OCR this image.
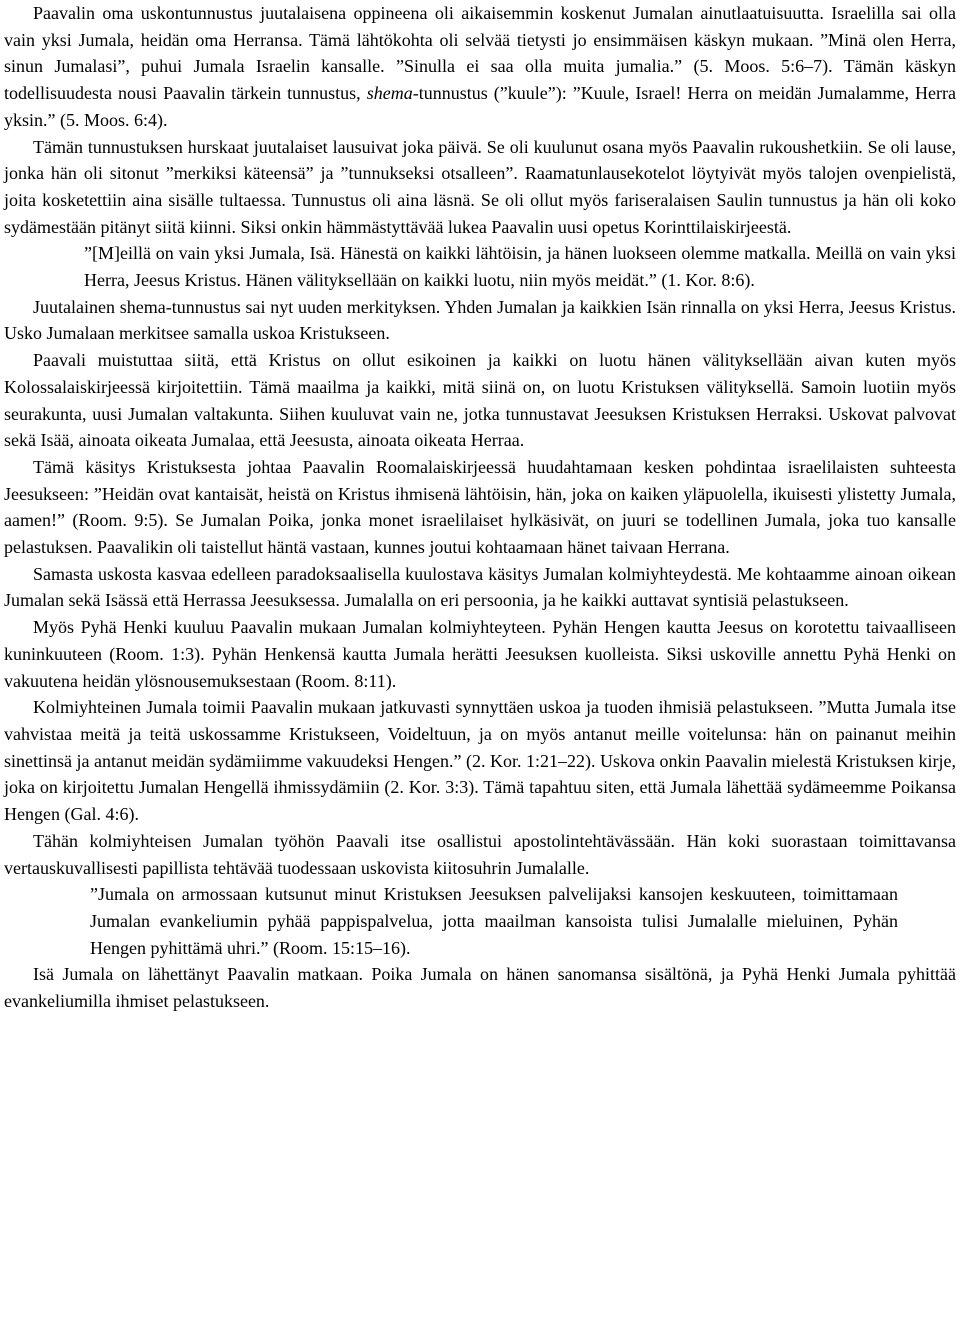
Paavalin oma uskontunnustus juutalaisena oppineena oli aikaisemmin koskenut Jumalan ainutlaatuisuutta. Israelilla sai olla vain yksi Jumala, heidän oma Herransa. Tämä lähtökohta oli selvää tietysti jo ensimmäisen käskyn mukaan. ”Minä olen Herra, sinun Jumalasi”, puhui Jumala Israelin kansalle. ”Sinulla ei saa olla muita jumalia.” (5. Moos. 5:6–7). Tämän käskyn todellisuudesta nousi Paavalin tärkein tunnustus, shema-tunnustus (”kuule”): ”Kuule, Israel! Herra on meidän Jumalamme, Herra yksin.” (5. Moos. 6:4).

Tämän tunnustuksen hurskaat juutalaiset lausuivat joka päivä. Se oli kuulunut osana myös Paavalin rukoushetkiin. Se oli lause, jonka hän oli sitonut ”merkiksi käteensä” ja ”tunnukseksi otsalleen”. Raamatunlausekotelot löytyivät myös talojen ovenpielistä, joita kosketettiin aina sisälle tultaessa. Tunnustus oli aina läsnä. Se oli ollut myös fariseralaisen Saulin tunnustus ja hän oli koko sydämestään pitänyt siitä kiinni. Siksi onkin hämmästyttävää lukea Paavalin uusi opetus Korinttilaiskirjeestä.

”[M]eillä on vain yksi Jumala, Isä. Hänestä on kaikki lähtöisin, ja hänen luokseen olemme matkalla. Meillä on vain yksi Herra, Jeesus Kristus. Hänen välityksellään on kaikki luotu, niin myös meidät.” (1. Kor. 8:6).

Juutalainen shema-tunnustus sai nyt uuden merkityksen. Yhden Jumalan ja kaikkien Isän rinnalla on yksi Herra, Jeesus Kristus. Usko Jumalaan merkitsee samalla uskoa Kristukseen.

Paavali muistuttaa siitä, että Kristus on ollut esikoinen ja kaikki on luotu hänen välityksellään aivan kuten myös Kolossalaiskirjeessä kirjoitettiin. Tämä maailma ja kaikki, mitä siinä on, on luotu Kristuksen välityksellä. Samoin luotiin myös seurakunta, uusi Jumalan valtakunta. Siihen kuuluvat vain ne, jotka tunnustavat Jeesuksen Kristuksen Herraksi. Uskovat palvovat sekä Isää, ainoata oikeata Jumalaa, että Jeesusta, ainoata oikeata Herraa.

Tämä käsitys Kristuksesta johtaa Paavalin Roomalaiskirjeessä huudahtamaan kesken pohdintaa israelilaisten suhteesta Jeesukseen: ”Heidän ovat kantaisät, heistä on Kristus ihmisenä lähtöisin, hän, joka on kaiken yläpuolella, ikuisesti ylistetty Jumala, aamen!” (Room. 9:5). Se Jumalan Poika, jonka monet israelilaiset hylkäsivät, on juuri se todellinen Jumala, joka tuo kansalle pelastuksen. Paavalikin oli taistellut häntä vastaan, kunnes joutui kohtaamaan hänet taivaan Herrana.

Samasta uskosta kasvaa edelleen paradoksaalisella kuulostava käsitys Jumalan kolmiyhteydestä. Me kohtaamme ainoan oikean Jumalan sekä Isässä että Herrassa Jeesuksessa. Jumalalla on eri persoonia, ja he kaikki auttavat syntisiä pelastukseen.

Myös Pyhä Henki kuuluu Paavalin mukaan Jumalan kolmiyhteyteen. Pyhän Hengen kautta Jeesus on korotettu taivaalliseen kuninkuuteen (Room. 1:3). Pyhän Henkensä kautta Jumala herätti Jeesuksen kuolleista. Siksi uskoville annettu Pyhä Henki on vakuutena heidän ylösnousemuksestaan (Room. 8:11).

Kolmiyhteinen Jumala toimii Paavalin mukaan jatkuvasti synnyttäen uskoa ja tuoden ihmisiä pelastukseen. ”Mutta Jumala itse vahvistaa meitä ja teitä uskossamme Kristukseen, Voideltuun, ja on myös antanut meille voitelunsa: hän on painanut meihin sinettinsä ja antanut meidän sydämiimme vakuudeksi Hengen.” (2. Kor. 1:21–22). Uskova onkin Paavalin mielestä Kristuksen kirje, joka on kirjoitettu Jumalan Hengellä ihmissydämiin (2. Kor. 3:3). Tämä tapahtuu siten, että Jumala lähettää sydämeemme Poikansa Hengen (Gal. 4:6).

Tähän kolmiyhteisen Jumalan työhön Paavali itse osallistui apostolintehtävässään. Hän koki suorastaan toimittavansa vertauskuvallisesti papillista tehtävää tuodessaan uskovista kiitosuhrin Jumalalle.

”Jumala on armossaan kutsunut minut Kristuksen Jeesuksen palvelijaksi kansojen keskuuteen, toimittamaan Jumalan evankeliumin pyhää pappispalvelua, jotta maailman kansoista tulisi Jumalalle mieluinen, Pyhän Hengen pyhittämä uhri.” (Room. 15:15–16).

Isä Jumala on lähettänyt Paavalin matkaan. Poika Jumala on hänen sanomansa sisältönä, ja Pyhä Henki Jumala pyhittää evankeliumilla ihmiset pelastukseen.
